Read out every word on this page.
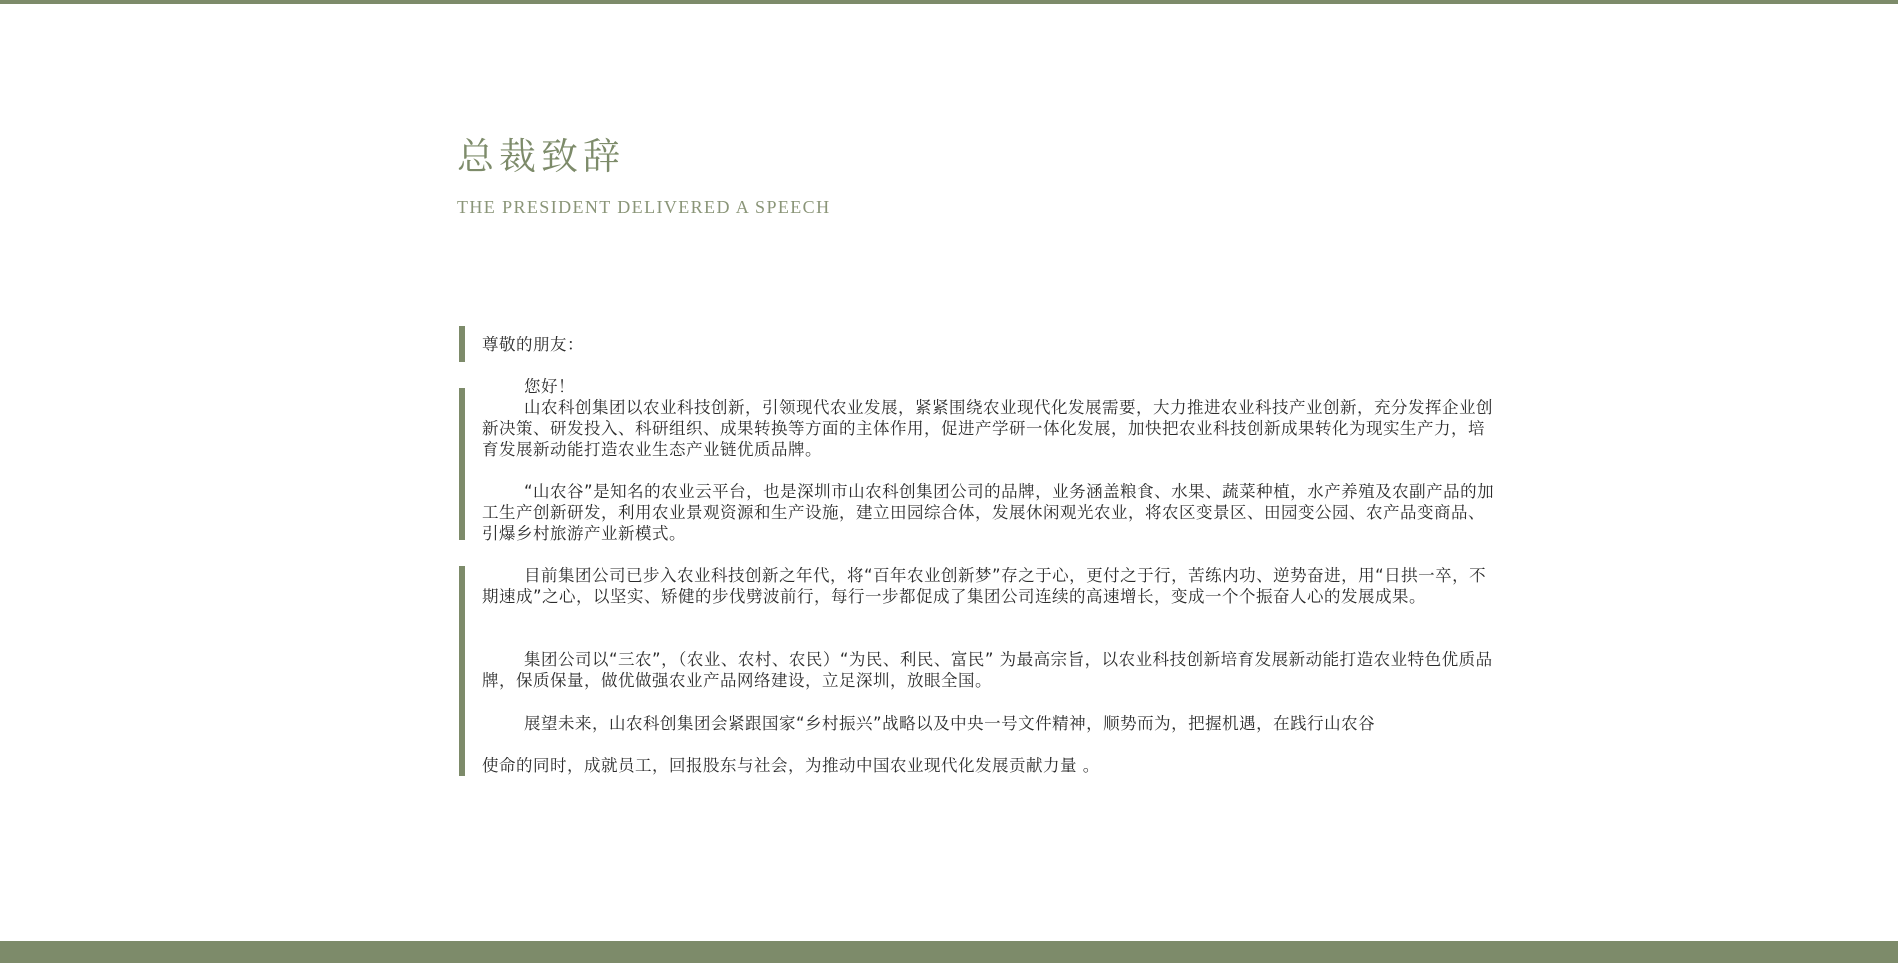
总裁致辞
THE PRESIDENT DELIVERED A SPEECH
尊敬的朋友：
您好！
山农科创集团以农业科技创新，引领现代农业发展，紧紧围绕农业现代化发展需要，大力推进农业科技产业创新，充分发挥企业创新决策、研发投入、科研组织、成果转换等方面的主体作用，促进产学研一体化发展，加快把农业科技创新成果转化为现实生产力，培育发展新动能打造农业生态产业链优质品牌。
“山农谷”是知名的农业云平台，也是深圳市山农科创集团公司的品牌，业务涵盖粮食、水果、蔬菜种植，水产养殖及农副产品的加工生产创新研发，利用农业景观资源和生产设施，建立田园综合体，发展休闲观光农业，将农区变景区、田园变公园、农产品变商品、引爆乡村旅游产业新模式。
目前集团公司已步入农业科技创新之年代，将“百年农业创新梦”存之于心，更付之于行，苦练内功、逆势奋进，用“日拱一卒，不期速成”之心，以坚实、矫健的步伐劈波前行，每行一步都促成了集团公司连续的高速增长，变成一个个振奋人心的发展成果。
集团公司以“三农”，（农业、农村、农民）“为民、利民、富民” 为最高宗旨，以农业科技创新培育发展新动能打造农业特色优质品牌，保质保量，做优做强农业产品网络建设，立足深圳，放眼全国。
展望未来，山农科创集团会紧跟国家“乡村振兴”战略以及中央一号文件精神，顺势而为，把握机遇，在践行山农谷
使命的同时，成就员工，回报股东与社会，为推动中国农业现代化发展贡献力量 。
